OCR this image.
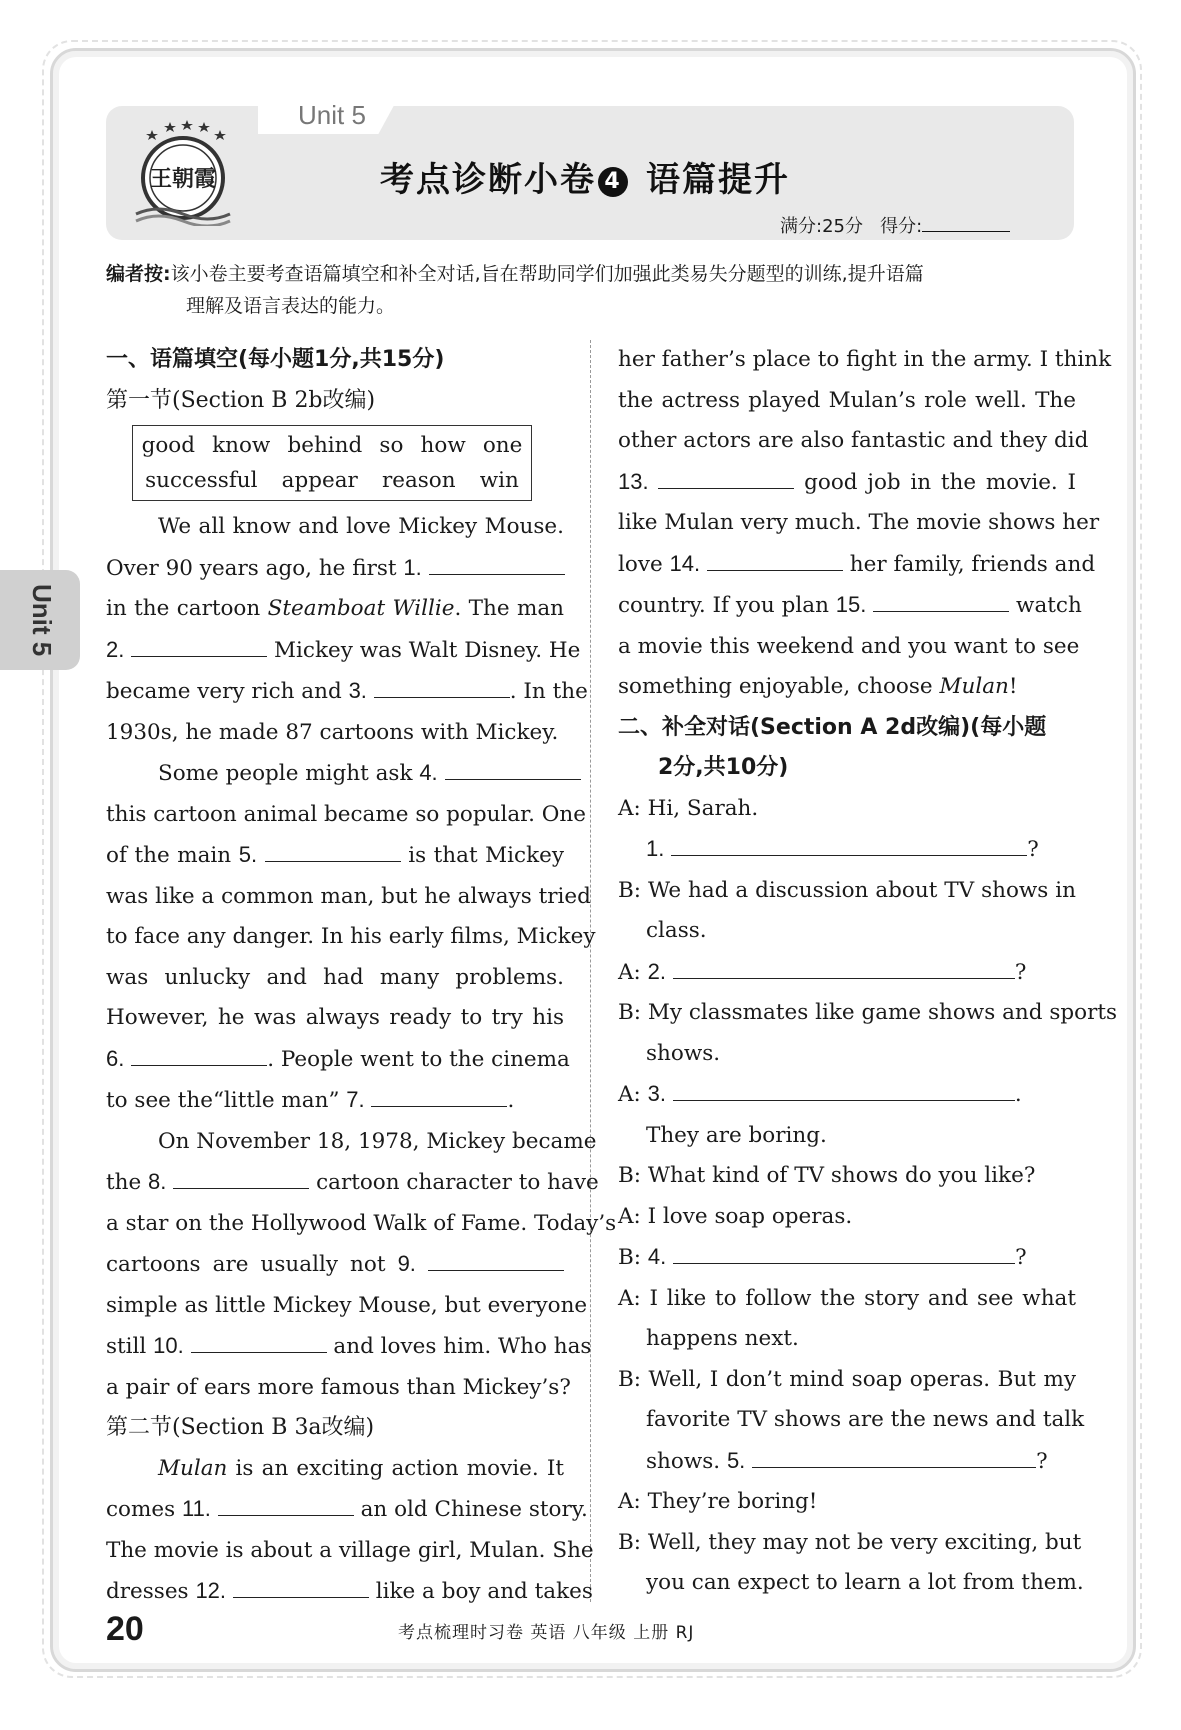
Unit 5
王朝霞	考点诊断小卷 4 语篇提升
满分:25分 得分:
Unit 5
编者按:该小卷主要考查语篇填空和补全对话,旨在帮助同学们加强此类易失分题型的训练,提升语篇
理解及语言表达的能力。
一、语篇填空(每小题1分,共15分)
第一节(Section B 2b改编)
good know behind so how one
successful appear reason win
We all know and love Mickey Mouse.
Over 90 years ago, he first 1.
in the cartoon Steamboat Willie. The man
2.	Mickey was Walt Disney. He
became very rich and 3.	. In the
1930s, he made 87 cartoons with Mickey.
Some people might ask 4.
this cartoon animal became so popular. One
of the main 5.	is that Mickey
was like a common man, but he always tried
to face any danger. In his early films, Mickey
was unlucky and had many problems.
However, he was always ready to try his
6.	. People went to the cinema
to see the“little man” 7.	.
On November 18, 1978, Mickey became
the 8.	cartoon character to have
a star on the Hollywood Walk of Fame. Today’s
cartoons are usually not 9.
simple as little Mickey Mouse, but everyone
still 10.	and loves him. Who has
a pair of ears more famous than Mickey’s?
第二节(Section B 3a改编)
Mulan is an exciting action movie. It
comes 11.	an old Chinese story.
The movie is about a village girl, Mulan. She
dresses 12.	like a boy and takes
her father’s place to fight in the army. I think
the actress played Mulan’s role well. The
other actors are also fantastic and they did
13.	good job in the movie. I
like Mulan very much. The movie shows her
love 14.	her family, friends and
country. If you plan 15.	watch
a movie this weekend and you want to see
something enjoyable, choose Mulan!
二、补全对话(Section A 2d改编)(每小题
2分,共10分)
A: Hi, Sarah.
1.	?
B: We had a discussion about TV shows in
class.
A: 2.	?
B: My classmates like game shows and sports
shows.
A: 3.	.
They are boring.
B: What kind of TV shows do you like?
A: I love soap operas.
B: 4.	?
A: I like to follow the story and see what
happens next.
B: Well, I don’t mind soap operas. But my
favorite TV shows are the news and talk
shows. 5.	?
A: They’re boring!
B: Well, they may not be very exciting, but
you can expect to learn a lot from them.
20	考点梳理时习卷 英语 八年级 上册 RJ
